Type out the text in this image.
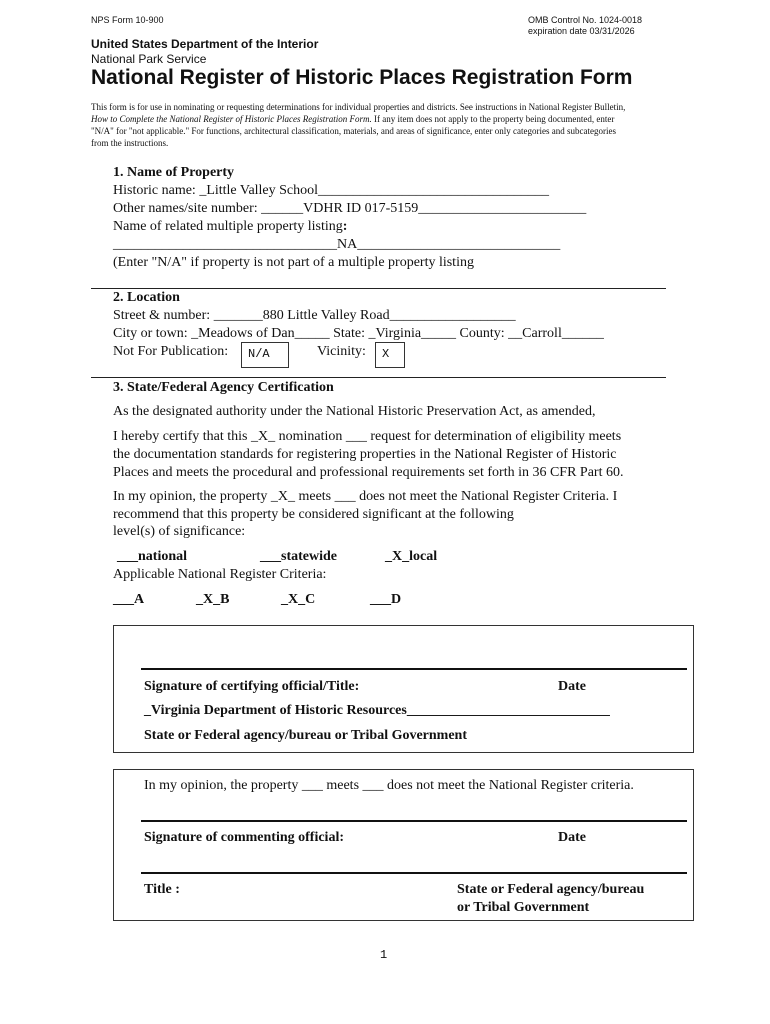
NPS Form 10-900	OMB Control No. 1024-0018
expiration date 03/31/2026
United States Department of the Interior
National Park Service
National Register of Historic Places Registration Form
This form is for use in nominating or requesting determinations for individual properties and districts. See instructions in National Register Bulletin,
How to Complete the National Register of Historic Places Registration Form. If any item does not apply to the property being documented, enter
"N/A" for "not applicable." For functions, architectural classification, materials, and areas of significance, enter only categories and subcategories
from the instructions.
1. Name of Property
Historic name: _Little Valley School_________________________________
Other names/site number: ______VDHR ID 017-5159________________________
Name of related multiple property listing:
________________________________NA_____________________________
(Enter "N/A" if property is not part of a multiple property listing
2. Location
Street & number: _______880 Little Valley Road__________________
City or town: _Meadows of Dan_____ State: _Virginia_____ County: __Carroll______
Not For Publication:	N/A	Vicinity:	X
3. State/Federal Agency Certification
As the designated authority under the National Historic Preservation Act, as amended,
I hereby certify that this _X_ nomination ___ request for determination of eligibility meets
the documentation standards for registering properties in the National Register of Historic
Places and meets the procedural and professional requirements set forth in 36 CFR Part 60.
In my opinion, the property _X_ meets ___ does not meet the National Register Criteria. I
recommend that this property be considered significant at the following
level(s) of significance:
___national	___statewide	_X_local
Applicable National Register Criteria:
___A	_X_B	_X_C	___D
Signature of certifying official/Title:	Date
_Virginia Department of Historic Resources_____________________________
State or Federal agency/bureau or Tribal Government
In my opinion, the property ___ meets ___ does not meet the National Register criteria.
Signature of commenting official:	Date
Title :	State or Federal agency/bureau
or Tribal Government
1
